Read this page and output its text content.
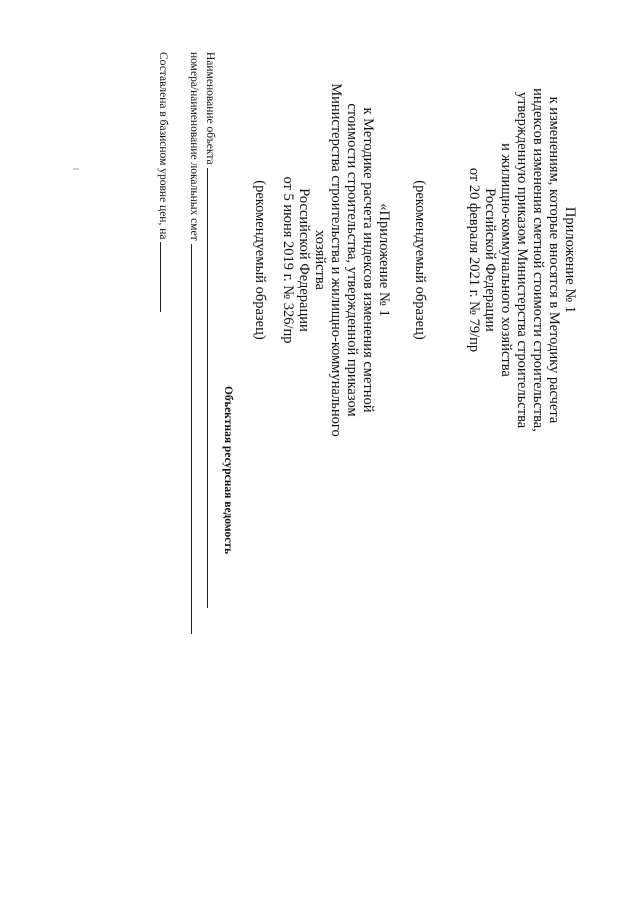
Приложение № 1
к изменениям, которые вносятся в Методику расчета
индексов изменения сметной стоимости строительства,
утвержденную приказом Министерства строительства
и жилищно-коммунального хозяйства
Российской Федерации
от 20 февраля 2021 г. № 79/пр
(рекомендуемый образец)
«Приложение № 1
к Методике расчета индексов изменения сметной
стоимости строительства, утвержденной приказом
Министерства строительства и жилищно-коммунального
хозяйства
Российской Федерации
от 5 июня 2019 г. № 326/пр
(рекомендуемый образец)
Объектная ресурсная ведомость
Наименование объекта
номера/наименование локальных смет
Составлена в базисном уровне цен, на
